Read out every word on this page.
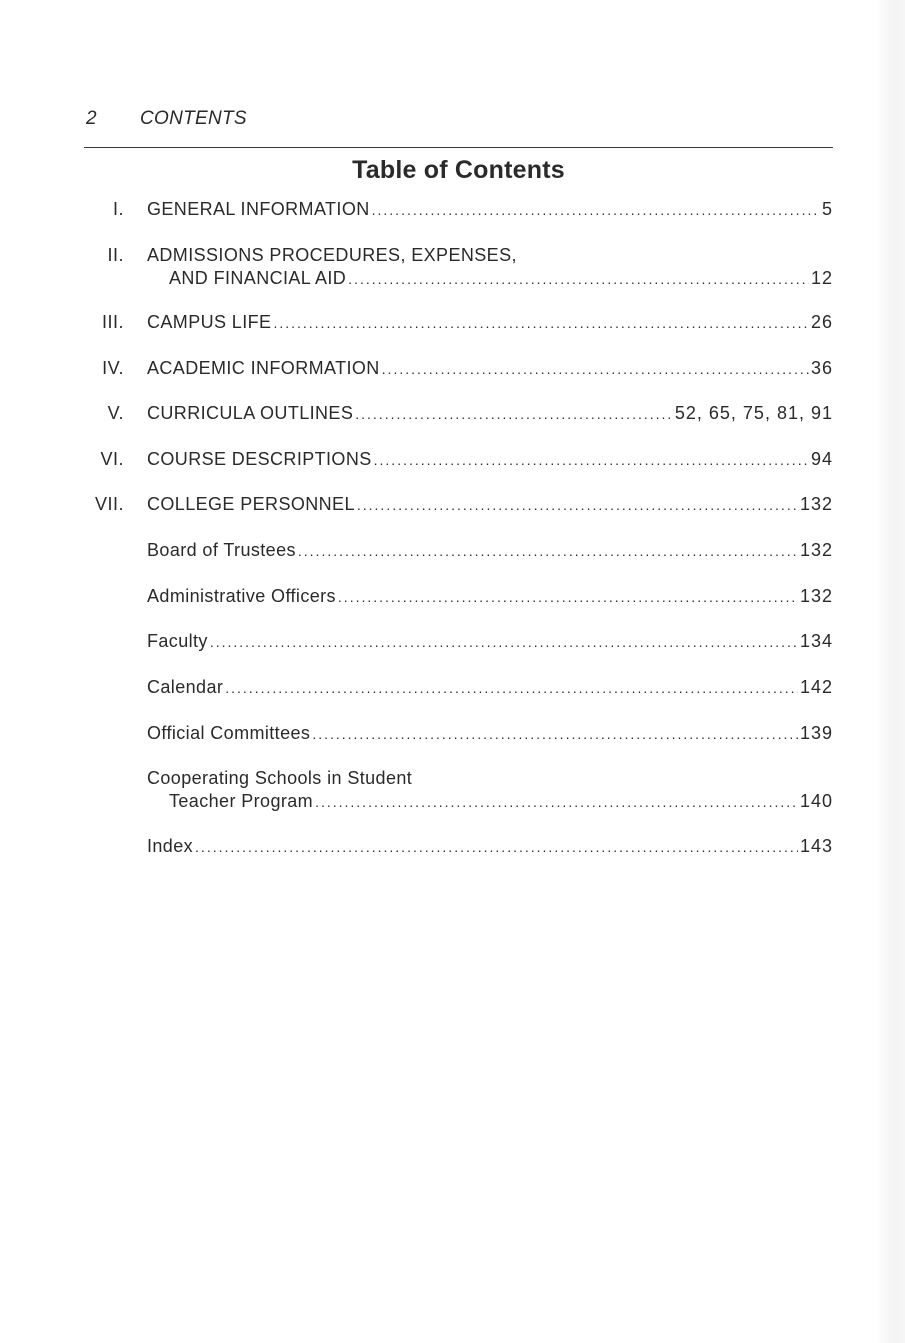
2 CONTENTS
Table of Contents
I. GENERAL INFORMATION .....	5
II. ADMISSIONS PROCEDURES, EXPENSES,
AND FINANCIAL AID .....	12
III. CAMPUS LIFE .....	26
IV. ACADEMIC INFORMATION .....	36
V. CURRICULA OUTLINES .....	52, 65, 75, 81, 91
VI. COURSE DESCRIPTIONS .....	94
VII. COLLEGE PERSONNEL .....	132
Board of Trustees .....	132
Administrative Officers .....	132
Faculty .....	134
Calendar .....	142
Official Committees .....	139
Cooperating Schools in Student
Teacher Program .....	140
Index .....	143
